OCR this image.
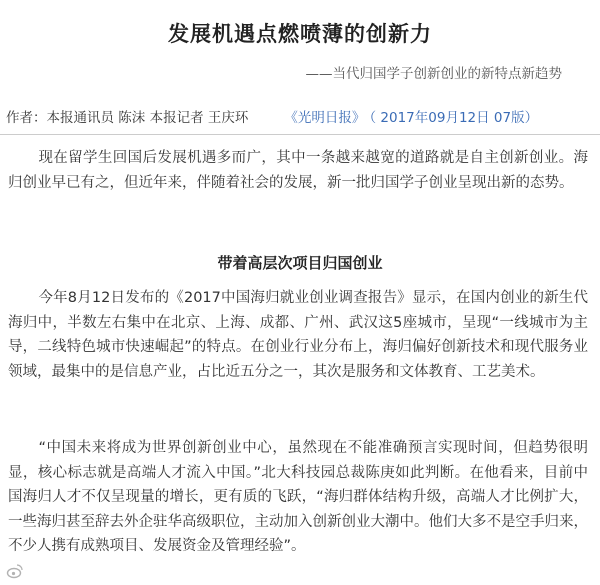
发展机遇点燃喷薄的创新力
——当代归国学子创新创业的新特点新趋势
作者：本报通讯员 陈沫 本报记者 王庆环	《光明日报》 （ 2017年09月12日 07版）

现在留学生回国后发展机遇多而广，其中一条越来越宽的道路就是自主创新创业。海归创业早已有之，但近年来，伴随着社会的发展，新一批归国学子创业呈现出新的态势。

带着高层次项目归国创业

今年8月12日发布的《2017中国海归就业创业调查报告》显示，在国内创业的新生代海归中，半数左右集中在北京、上海、成都、广州、武汉这5座城市，呈现“一线城市为主导，二线特色城市快速崛起”的特点。在创业行业分布上，海归偏好创新技术和现代服务业领域，最集中的是信息产业，占比近五分之一，其次是服务和文体教育、工艺美术。

“中国未来将成为世界创新创业中心，虽然现在不能准确预言实现时间，但趋势很明显，核心标志就是高端人才流入中国。”北大科技园总裁陈庚如此判断。在他看来，目前中国海归人才不仅呈现量的增长，更有质的飞跃，“海归群体结构升级，高端人才比例扩大，一些海归甚至辞去外企驻华高级职位，主动加入创新创业大潮中。他们大多不是空手归来，不少人携有成熟项目、发展资金及管理经验”。
